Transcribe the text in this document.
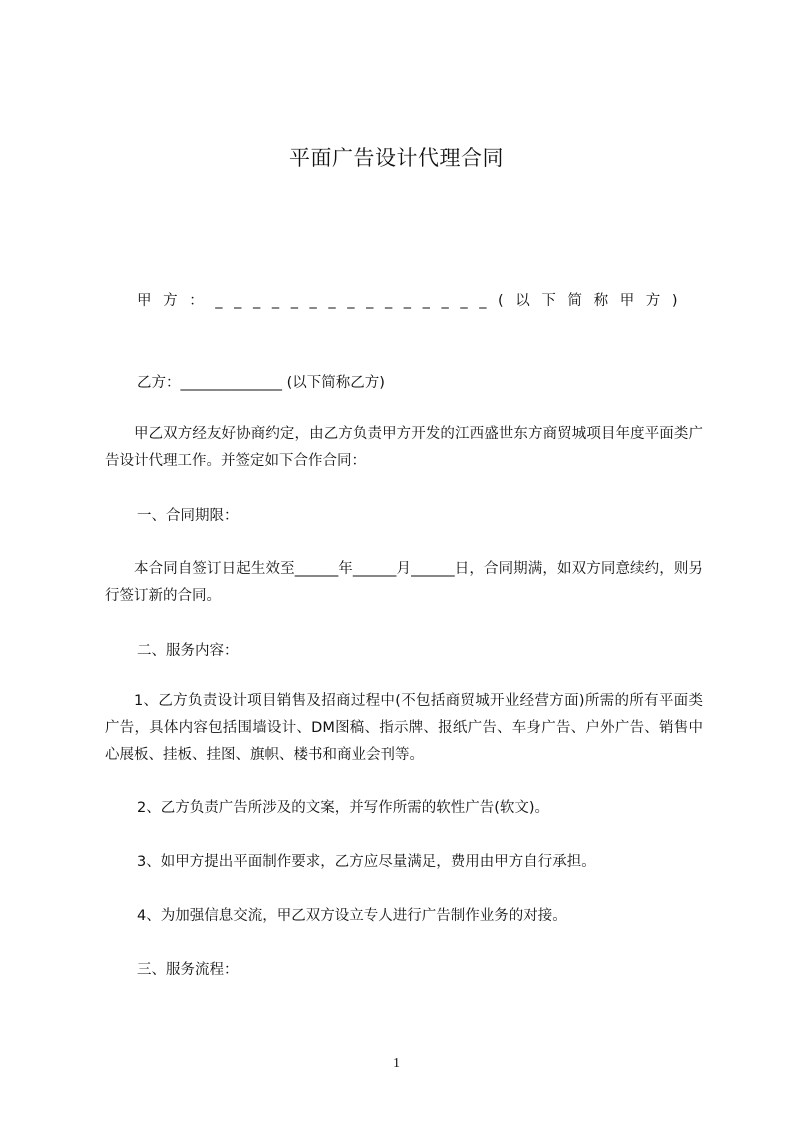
平面广告设计代理合同
甲方：_______________(以下简称甲方)
乙方：______________ (以下简称乙方)
甲乙双方经友好协商约定，由乙方负责甲方开发的江西盛世东方商贸城项目年度平面类广告设计代理工作。并签定如下合作合同：
一、合同期限：
本合同自签订日起生效至______年______月______日，合同期满，如双方同意续约，则另行签订新的合同。
二、服务内容：
1、乙方负责设计项目销售及招商过程中(不包括商贸城开业经营方面)所需的所有平面类广告，具体内容包括围墙设计、DM图稿、指示牌、报纸广告、车身广告、户外广告、销售中心展板、挂板、挂图、旗帜、楼书和商业会刊等。
2、乙方负责广告所涉及的文案，并写作所需的软性广告(软文)。
3、如甲方提出平面制作要求，乙方应尽量满足，费用由甲方自行承担。
4、为加强信息交流，甲乙双方设立专人进行广告制作业务的对接。
三、服务流程：
1
